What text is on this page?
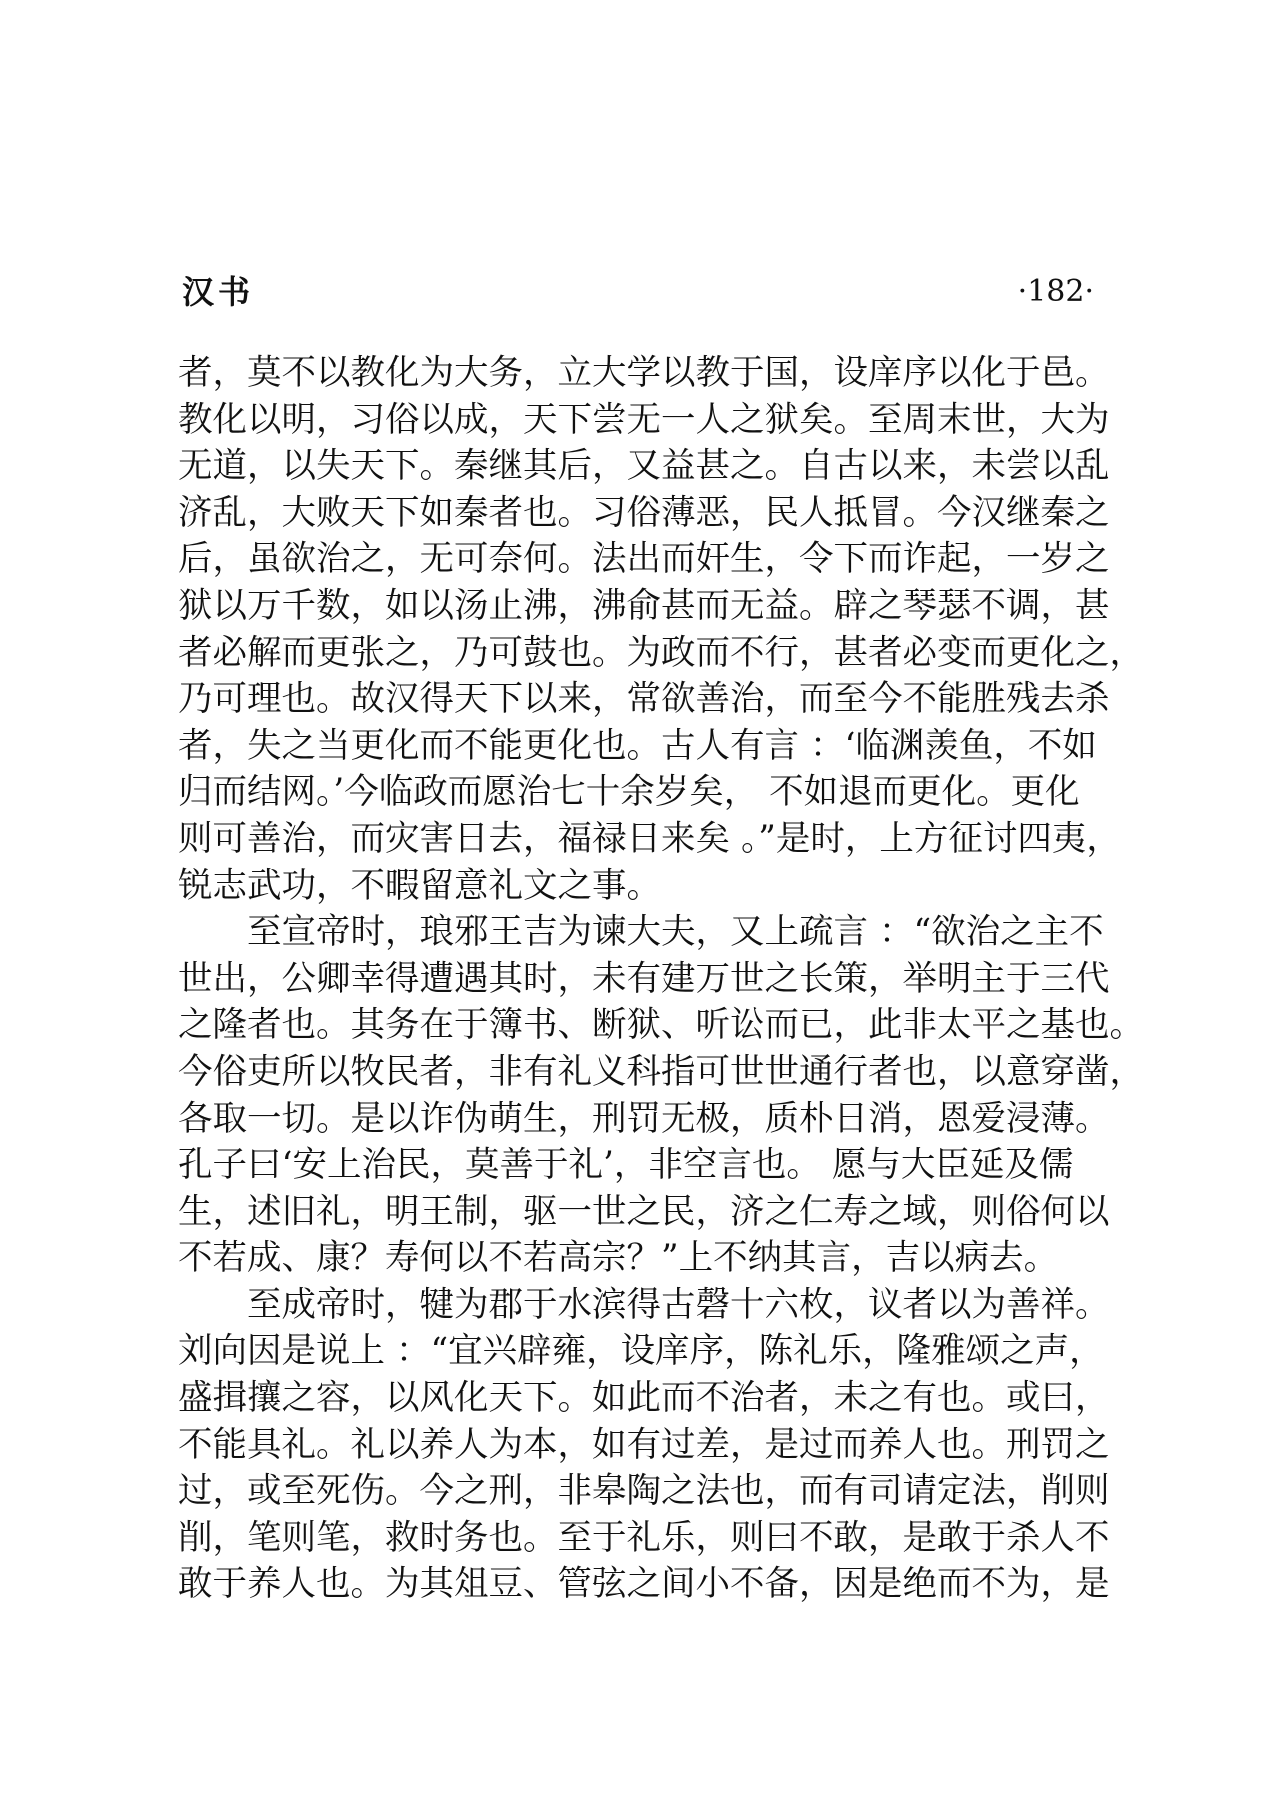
汉书	·182·
者，莫不以教化为大务，立大学以教于国，设庠序以化于邑。
教化以明，习俗以成，天下尝无一人之狱矣。至周末世，大为
无道，以失天下。秦继其后，又益甚之。自古以来，未尝以乱
济乱，大败天下如秦者也。习俗薄恶，民人抵冒。今汉继秦之
后，虽欲治之，无可奈何。法出而奸生，令下而诈起，一岁之
狱以万千数，如以汤止沸，沸俞甚而无益。辟之琴瑟不调，甚
者必解而更张之，乃可鼓也。为政而不行，甚者必变而更化之，
乃可理也。故汉得天下以来，常欲善治，而至今不能胜残去杀
者，失之当更化而不能更化也。古人有言 ：‘临渊羡鱼，不如
归而结网。’今临政而愿治七十余岁矣， 不如退而更化。更化
则可善治，而灾害日去，福禄日来矣 。”是时，上方征讨四夷，
锐志武功，不暇留意礼文之事。
　　至宣帝时，琅邪王吉为谏大夫，又上疏言 ：“欲治之主不
世出，公卿幸得遭遇其时，未有建万世之长策，举明主于三代
之隆者也。其务在于簿书、断狱、听讼而已，此非太平之基也。
今俗吏所以牧民者，非有礼义科指可世世通行者也，以意穿凿，
各取一切。是以诈伪萌生，刑罚无极，质朴日消，恩爱浸薄。
孔子曰‘安上治民，莫善于礼’，非空言也。 愿与大臣延及儒
生，述旧礼，明王制，驱一世之民，济之仁寿之域，则俗何以
不若成、康？寿何以不若高宗？”上不纳其言，吉以病去。
　　至成帝时，犍为郡于水滨得古磬十六枚，议者以为善祥。
刘向因是说上 ：“宜兴辟雍，设庠序，陈礼乐，隆雅颂之声，
盛揖攘之容，以风化天下。如此而不治者，未之有也。或曰，
不能具礼。礼以养人为本，如有过差，是过而养人也。刑罚之
过，或至死伤。今之刑，非皋陶之法也，而有司请定法，削则
削，笔则笔，救时务也。至于礼乐，则曰不敢，是敢于杀人不
敢于养人也。为其俎豆、管弦之间小不备，因是绝而不为，是
